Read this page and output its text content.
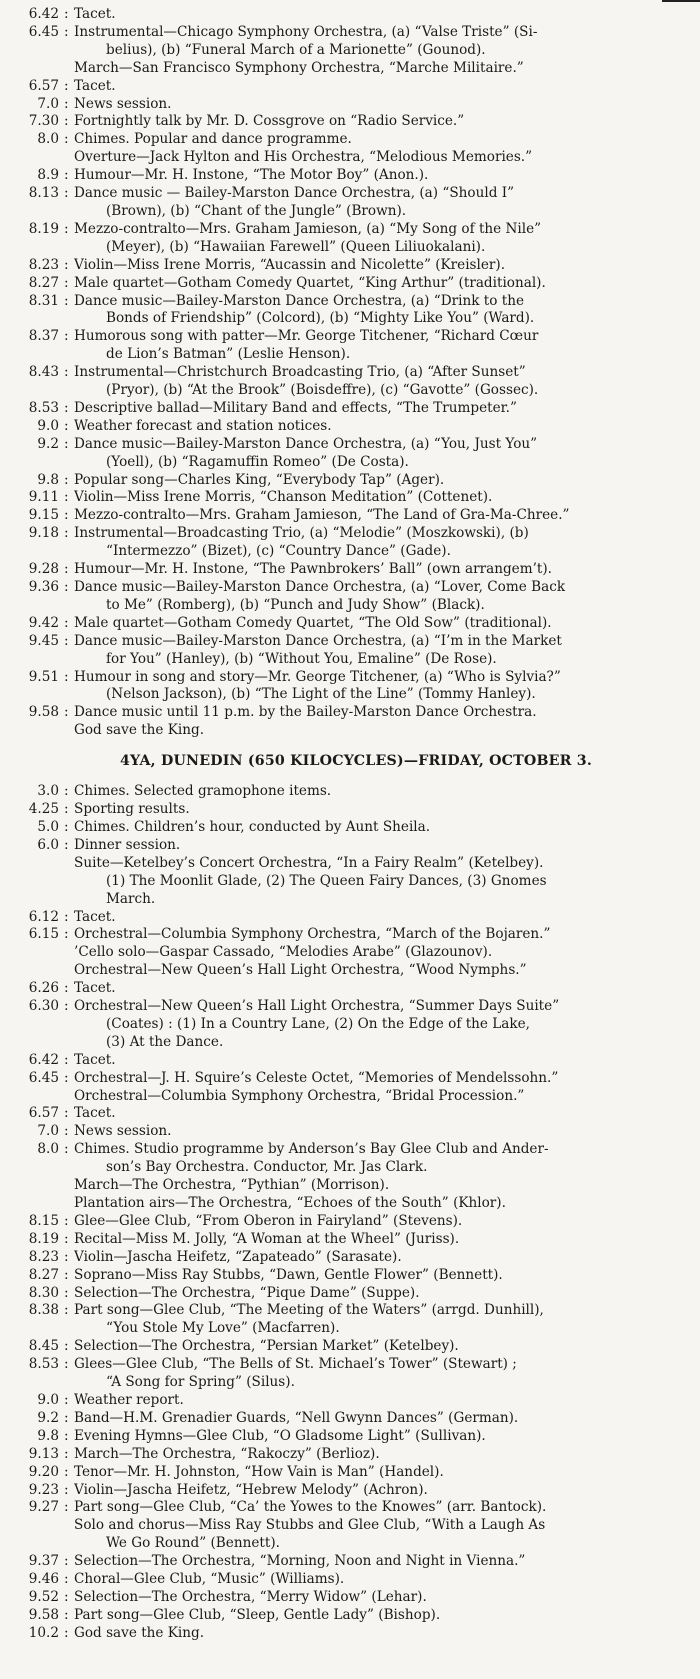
6.42 : Tacet.
6.45 : Instrumental—Chicago Symphony Orchestra, (a) “Valse Triste” (Si-
belius), (b) “Funeral March of a Marionette” (Gounod).
March—San Francisco Symphony Orchestra, “Marche Militaire.”
6.57 : Tacet.
7.0 : News session.
7.30 : Fortnightly talk by Mr. D. Cossgrove on “Radio Service.”
8.0 : Chimes. Popular and dance programme.
Overture—Jack Hylton and His Orchestra, “Melodious Memories.”
8.9 : Humour—Mr. H. Instone, “The Motor Boy” (Anon.).
8.13 : Dance music — Bailey-Marston Dance Orchestra, (a) “Should I”
(Brown), (b) “Chant of the Jungle” (Brown).
8.19 : Mezzo-contralto—Mrs. Graham Jamieson, (a) “My Song of the Nile”
(Meyer), (b) “Hawaiian Farewell” (Queen Liliuokalani).
8.23 : Violin—Miss Irene Morris, “Aucassin and Nicolette” (Kreisler).
8.27 : Male quartet—Gotham Comedy Quartet, “King Arthur” (traditional).
8.31 : Dance music—Bailey-Marston Dance Orchestra, (a) “Drink to the
Bonds of Friendship” (Colcord), (b) “Mighty Like You” (Ward).
8.37 : Humorous song with patter—Mr. George Titchener, “Richard Cœur
de Lion’s Batman” (Leslie Henson).
8.43 : Instrumental—Christchurch Broadcasting Trio, (a) “After Sunset”
(Pryor), (b) “At the Brook” (Boisdeffre), (c) “Gavotte” (Gossec).
8.53 : Descriptive ballad—Military Band and effects, “The Trumpeter.”
9.0 : Weather forecast and station notices.
9.2 : Dance music—Bailey-Marston Dance Orchestra, (a) “You, Just You”
(Yoell), (b) “Ragamuffin Romeo” (De Costa).
9.8 : Popular song—Charles King, “Everybody Tap” (Ager).
9.11 : Violin—Miss Irene Morris, “Chanson Meditation” (Cottenet).
9.15 : Mezzo-contralto—Mrs. Graham Jamieson, “The Land of Gra-Ma-Chree.”
9.18 : Instrumental—Broadcasting Trio, (a) “Melodie” (Moszkowski), (b)
“Intermezzo” (Bizet), (c) “Country Dance” (Gade).
9.28 : Humour—Mr. H. Instone, “The Pawnbrokers’ Ball” (own arrangem’t).
9.36 : Dance music—Bailey-Marston Dance Orchestra, (a) “Lover, Come Back
to Me” (Romberg), (b) “Punch and Judy Show” (Black).
9.42 : Male quartet—Gotham Comedy Quartet, “The Old Sow” (traditional).
9.45 : Dance music—Bailey-Marston Dance Orchestra, (a) “I’m in the Market
for You” (Hanley), (b) “Without You, Emaline” (De Rose).
9.51 : Humour in song and story—Mr. George Titchener, (a) “Who is Sylvia?”
(Nelson Jackson), (b) “The Light of the Line” (Tommy Hanley).
9.58 : Dance music until 11 p.m. by the Bailey-Marston Dance Orchestra.
God save the King.
4YA, DUNEDIN (650 KILOCYCLES)—FRIDAY, OCTOBER 3.
3.0 : Chimes. Selected gramophone items.
4.25 : Sporting results.
5.0 : Chimes. Children’s hour, conducted by Aunt Sheila.
6.0 : Dinner session.
Suite—Ketelbey’s Concert Orchestra, “In a Fairy Realm” (Ketelbey).
(1) The Moonlit Glade, (2) The Queen Fairy Dances, (3) Gnomes
March.
6.12 : Tacet.
6.15 : Orchestral—Columbia Symphony Orchestra, “March of the Bojaren.”
’Cello solo—Gaspar Cassado, “Melodies Arabe” (Glazounov).
Orchestral—New Queen’s Hall Light Orchestra, “Wood Nymphs.”
6.26 : Tacet.
6.30 : Orchestral—New Queen’s Hall Light Orchestra, “Summer Days Suite”
(Coates) : (1) In a Country Lane, (2) On the Edge of the Lake,
(3) At the Dance.
6.42 : Tacet.
6.45 : Orchestral—J. H. Squire’s Celeste Octet, “Memories of Mendelssohn.”
Orchestral—Columbia Symphony Orchestra, “Bridal Procession.”
6.57 : Tacet.
7.0 : News session.
8.0 : Chimes. Studio programme by Anderson’s Bay Glee Club and Ander-
son’s Bay Orchestra. Conductor, Mr. Jas Clark.
March—The Orchestra, “Pythian” (Morrison).
Plantation airs—The Orchestra, “Echoes of the South” (Khlor).
8.15 : Glee—Glee Club, “From Oberon in Fairyland” (Stevens).
8.19 : Recital—Miss M. Jolly, “A Woman at the Wheel” (Juriss).
8.23 : Violin—Jascha Heifetz, “Zapateado” (Sarasate).
8.27 : Soprano—Miss Ray Stubbs, “Dawn, Gentle Flower” (Bennett).
8.30 : Selection—The Orchestra, “Pique Dame” (Suppe).
8.38 : Part song—Glee Club, “The Meeting of the Waters” (arrgd. Dunhill),
“You Stole My Love” (Macfarren).
8.45 : Selection—The Orchestra, “Persian Market” (Ketelbey).
8.53 : Glees—Glee Club, “The Bells of St. Michael’s Tower” (Stewart) ;
“A Song for Spring” (Silus).
9.0 : Weather report.
9.2 : Band—H.M. Grenadier Guards, “Nell Gwynn Dances” (German).
9.8 : Evening Hymns—Glee Club, “O Gladsome Light” (Sullivan).
9.13 : March—The Orchestra, “Rakoczy” (Berlioz).
9.20 : Tenor—Mr. H. Johnston, “How Vain is Man” (Handel).
9.23 : Violin—Jascha Heifetz, “Hebrew Melody” (Achron).
9.27 : Part song—Glee Club, “Ca’ the Yowes to the Knowes” (arr. Bantock).
Solo and chorus—Miss Ray Stubbs and Glee Club, “With a Laugh As
We Go Round” (Bennett).
9.37 : Selection—The Orchestra, “Morning, Noon and Night in Vienna.”
9.46 : Choral—Glee Club, “Music” (Williams).
9.52 : Selection—The Orchestra, “Merry Widow” (Lehar).
9.58 : Part song—Glee Club, “Sleep, Gentle Lady” (Bishop).
10.2 : God save the King.
